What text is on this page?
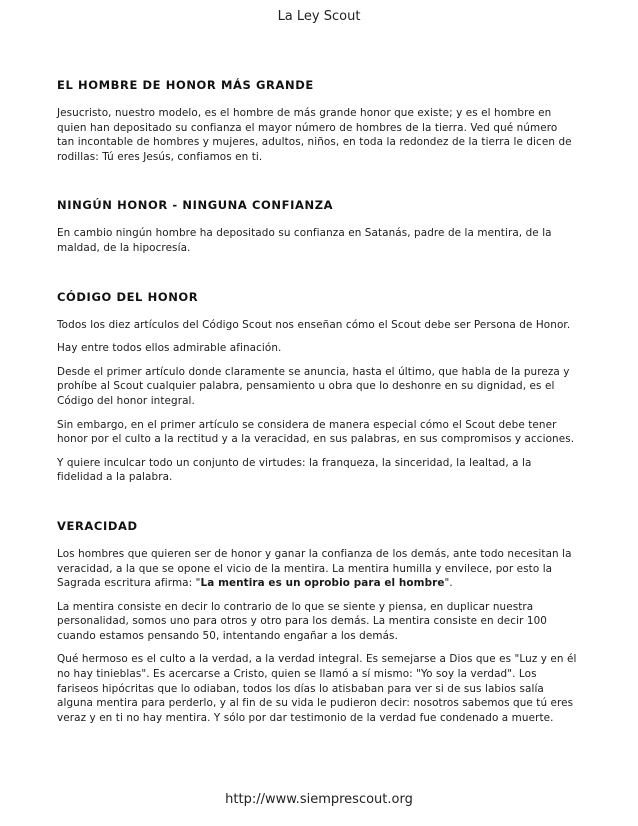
La Ley Scout
EL HOMBRE DE HONOR MÁS GRANDE

Jesucristo, nuestro modelo, es el hombre de más grande honor que existe; y es el hombre en quien han depositado su confianza el mayor número de hombres de la tierra. Ved qué número tan incontable de hombres y mujeres, adultos, niños, en toda la redondez de la tierra le dicen de rodillas: Tú eres Jesús, confiamos en ti.

NINGÚN HONOR - NINGUNA CONFIANZA

En cambio ningún hombre ha depositado su confianza en Satanás, padre de la mentira, de la maldad, de la hipocresía.

CÓDIGO DEL HONOR

Todos los diez artículos del Código Scout nos enseñan cómo el Scout debe ser Persona de Honor.

Hay entre todos ellos admirable afinación.

Desde el primer artículo donde claramente se anuncia, hasta el último, que habla de la pureza y prohíbe al Scout cualquier palabra, pensamiento u obra que lo deshonre en su dignidad, es el Código del honor integral.

Sin embargo, en el primer artículo se considera de manera especial cómo el Scout debe tener honor por el culto a la rectitud y a la veracidad, en sus palabras, en sus compromisos y acciones.

Y quiere inculcar todo un conjunto de virtudes: la franqueza, la sinceridad, la lealtad, a la fidelidad a la palabra.

VERACIDAD

Los hombres que quieren ser de honor y ganar la confianza de los demás, ante todo necesitan la veracidad, a la que se opone el vicio de la mentira. La mentira humilla y envilece, por esto la Sagrada escritura afirma: "La mentira es un oprobio para el hombre".

La mentira consiste en decir lo contrario de lo que se siente y piensa, en duplicar nuestra personalidad, somos uno para otros y otro para los demás. La mentira consiste en decir 100 cuando estamos pensando 50, intentando engañar a los demás.

Qué hermoso es el culto a la verdad, a la verdad integral. Es semejarse a Dios que es "Luz y en él no hay tinieblas". Es acercarse a Cristo, quien se llamó a sí mismo: "Yo soy la verdad". Los fariseos hipócritas que lo odiaban, todos los días lo atisbaban para ver si de sus labios salía alguna mentira para perderlo, y al fin de su vida le pudieron decir: nosotros sabemos que tú eres veraz y en ti no hay mentira. Y sólo por dar testimonio de la verdad fue condenado a muerte.

http://www.siemprescout.org
